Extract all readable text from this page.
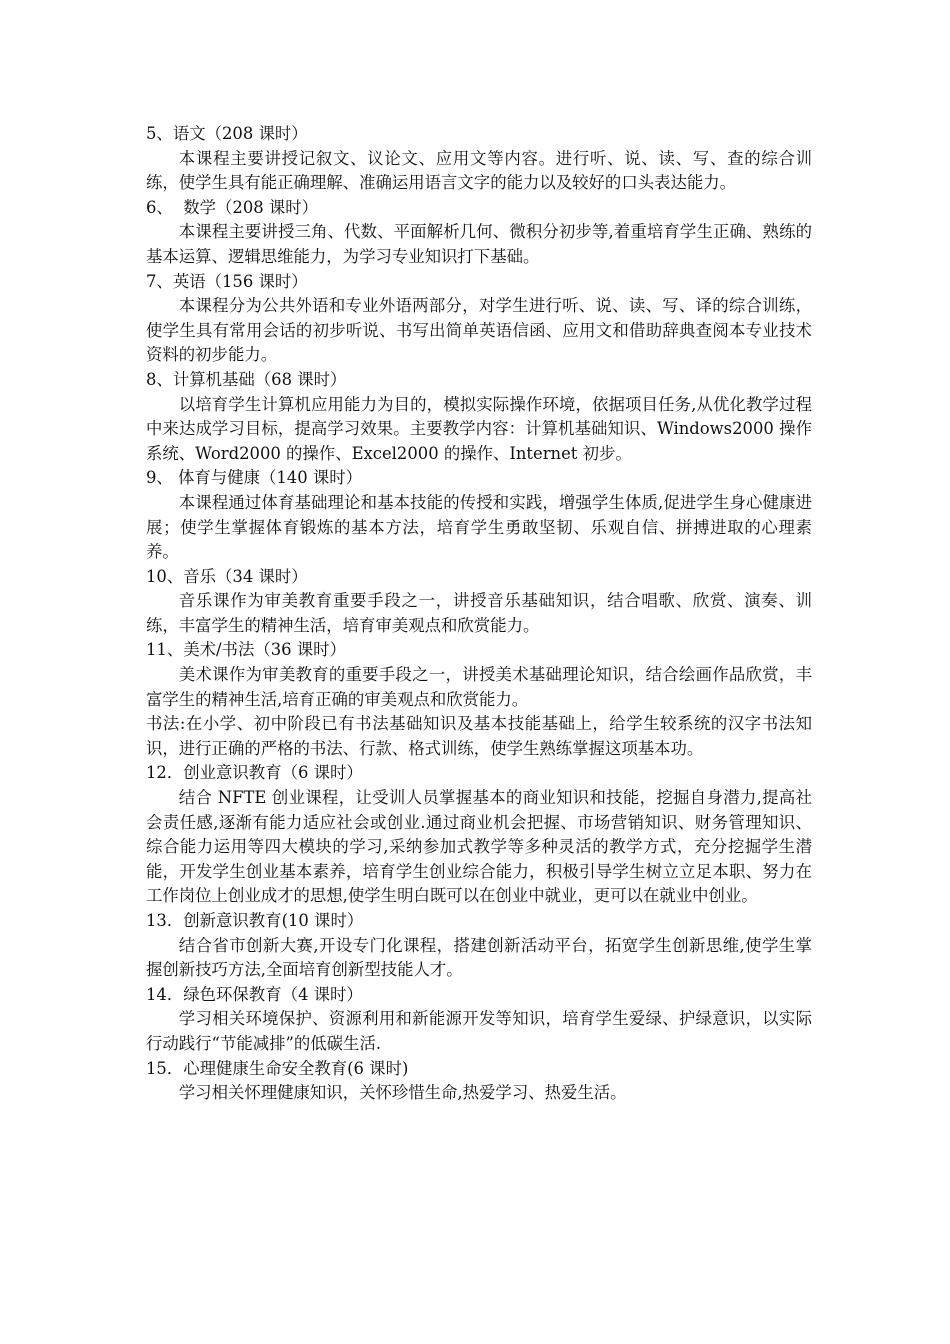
5、语文（208 课时）

本课程主要讲授记叙文、议论文、应用文等内容。进行听、说、读、写、查的综合训练，使学生具有能正确理解、准确运用语言文字的能力以及较好的口头表达能力。

6、  数学（208 课时）

本课程主要讲授三角、代数、平面解析几何、微积分初步等,着重培育学生正确、熟练的基本运算、逻辑思维能力，为学习专业知识打下基础。

7、英语（156 课时）

本课程分为公共外语和专业外语两部分，对学生进行听、说、读、写、译的综合训练，使学生具有常用会话的初步听说、书写出简单英语信函、应用文和借助辞典查阅本专业技术资料的初步能力。

8、计算机基础（68 课时）

以培育学生计算机应用能力为目的，模拟实际操作环境，依据项目任务,从优化教学过程中来达成学习目标，提高学习效果。主要教学内容：计算机基础知识、Windows2000 操作系统、Word2000 的操作、Excel2000 的操作、Internet 初步。

9、 体育与健康（140 课时）

本课程通过体育基础理论和基本技能的传授和实践，增强学生体质,促进学生身心健康进展；使学生掌握体育锻炼的基本方法，培育学生勇敢坚韧、乐观自信、拼搏进取的心理素养。

10、音乐（34 课时）

音乐课作为审美教育重要手段之一，讲授音乐基础知识，结合唱歌、欣赏、演奏、训练，丰富学生的精神生活，培育审美观点和欣赏能力。

11、美术/书法（36 课时）

美术课作为审美教育的重要手段之一，讲授美术基础理论知识，结合绘画作品欣赏，丰富学生的精神生活,培育正确的审美观点和欣赏能力。

书法:在小学、初中阶段已有书法基础知识及基本技能基础上，给学生较系统的汉字书法知识，进行正确的严格的书法、行款、格式训练，使学生熟练掌握这项基本功。

12．创业意识教育（6 课时）

结合 NFTE 创业课程，让受训人员掌握基本的商业知识和技能，挖掘自身潜力,提高社会责任感,逐渐有能力适应社会或创业.通过商业机会把握、市场营销知识、财务管理知识、综合能力运用等四大模块的学习,采纳参加式教学等多种灵活的教学方式，充分挖掘学生潜能，开发学生创业基本素养，培育学生创业综合能力，积极引导学生树立立足本职、努力在工作岗位上创业成才的思想,使学生明白既可以在创业中就业，更可以在就业中创业。

13．创新意识教育(10 课时）

结合省市创新大赛,开设专门化课程，搭建创新活动平台，拓宽学生创新思维,使学生掌握创新技巧方法,全面培育创新型技能人才。

14．绿色环保教育（4 课时）

学习相关环境保护、资源利用和新能源开发等知识，培育学生爱绿、护绿意识，以实际行动践行“节能减排”的低碳生活.

15．心理健康生命安全教育(6 课时)

学习相关怀理健康知识，关怀珍惜生命,热爱学习、热爱生活。
